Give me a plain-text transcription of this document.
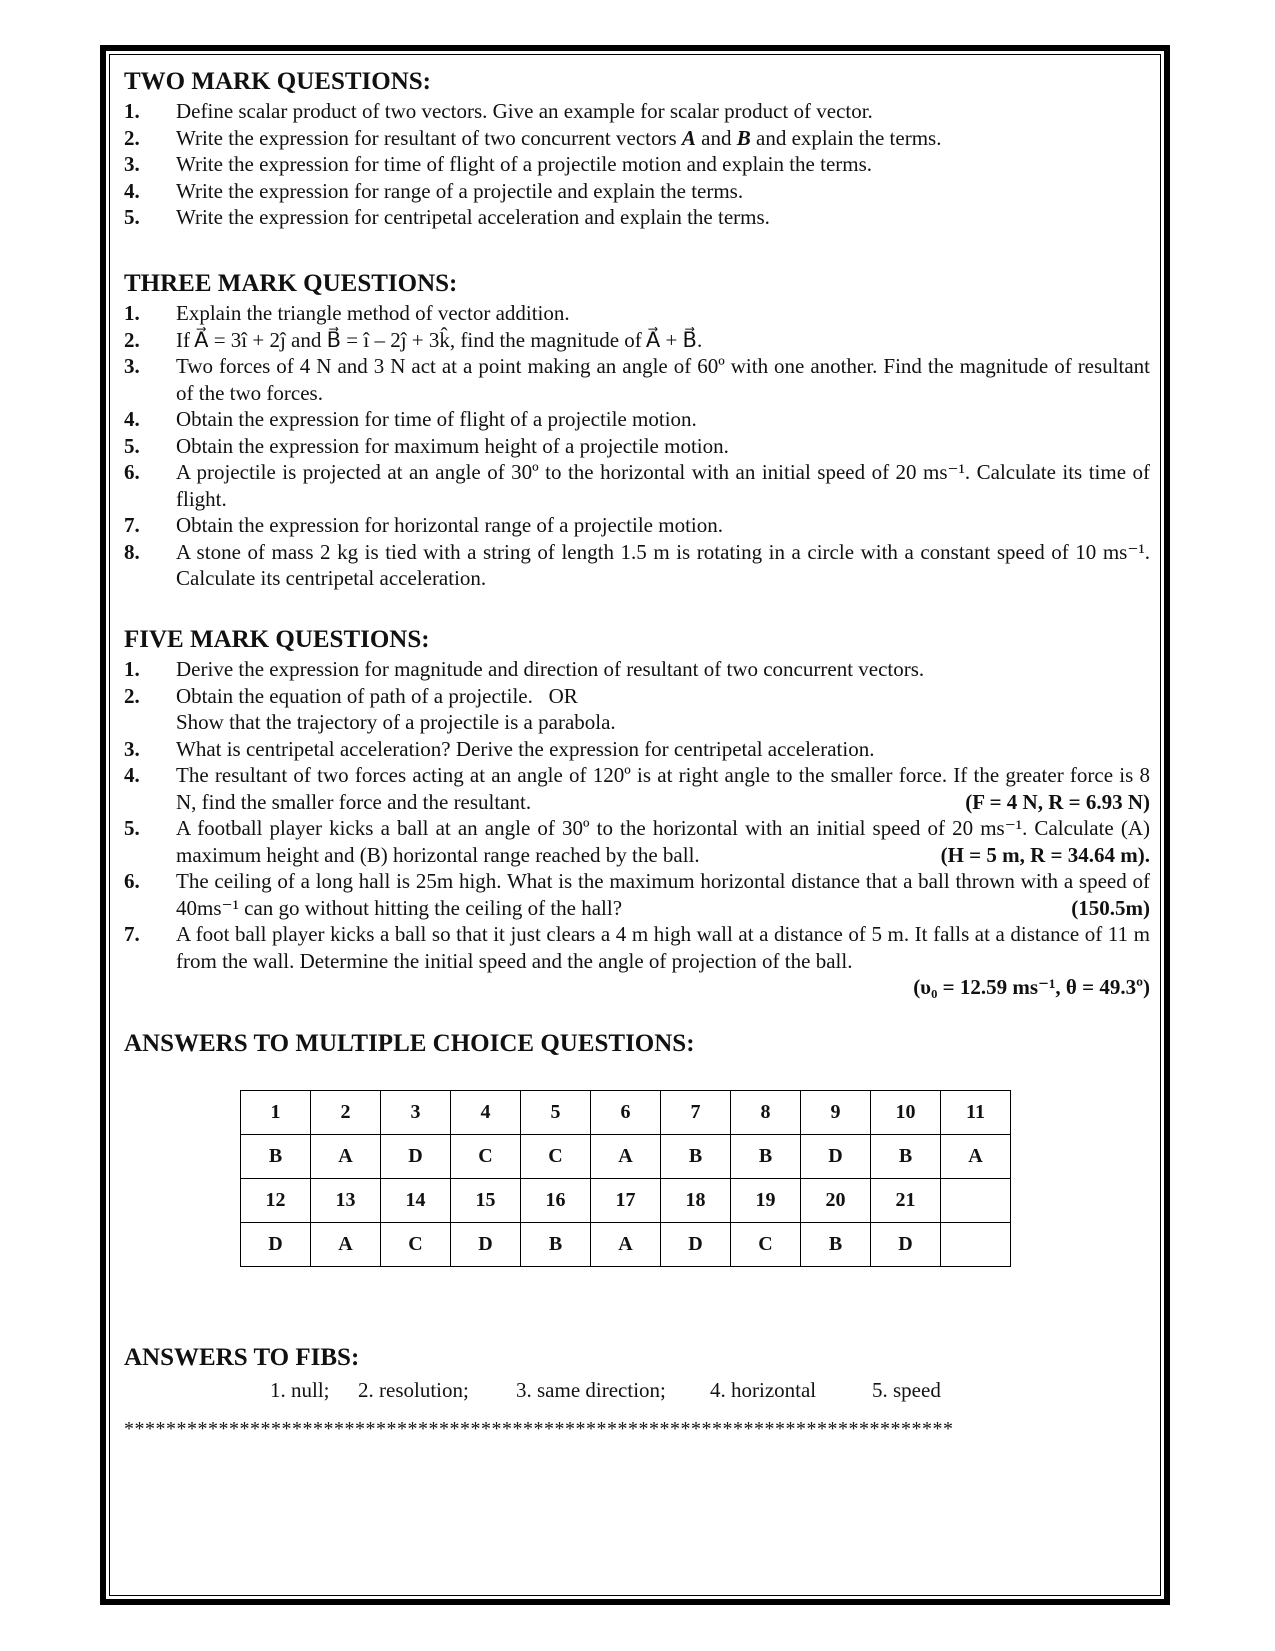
TWO MARK QUESTIONS:
1.	Define scalar product of two vectors. Give an example for scalar product of vector.
2.	Write the expression for resultant of two concurrent vectors A and B and explain the terms.
3.	Write the expression for time of flight of a projectile motion and explain the terms.
4.	Write the expression for range of a projectile and explain the terms.
5.	Write the expression for centripetal acceleration and explain the terms.
THREE MARK QUESTIONS:
1.	Explain the triangle method of vector addition.
2.	If A⃗ = 3î + 2ĵ and B⃗ = î – 2ĵ + 3k̂, find the magnitude of A⃗ + B⃗.
3.	Two forces of 4 N and 3 N act at a point making an angle of 60º with one another. Find the magnitude of resultant of the two forces.
4.	Obtain the expression for time of flight of a projectile motion.
5.	Obtain the expression for maximum height of a projectile motion.
6.	A projectile is projected at an angle of 30º to the horizontal with an initial speed of 20 ms⁻¹. Calculate its time of flight.
7.	Obtain the expression for horizontal range of a projectile motion.
8.	A stone of mass 2 kg is tied with a string of length 1.5 m is rotating in a circle with a constant speed of 10 ms⁻¹. Calculate its centripetal acceleration.
FIVE MARK QUESTIONS:
1.	Derive the expression for magnitude and direction of resultant of two concurrent vectors.
2.	Obtain the equation of path of a projectile.   OR
Show that the trajectory of a projectile is a parabola.
3.	What is centripetal acceleration? Derive the expression for centripetal acceleration.
4.	The resultant of two forces acting at an angle of 120º is at right angle to the smaller force. If the greater force is 8 N, find the smaller force and the resultant.	(F = 4 N, R = 6.93 N)
5.	A football player kicks a ball at an angle of 30º to the horizontal with an initial speed of 20 ms⁻¹. Calculate (A) maximum height and (B) horizontal range reached by the ball.	(H = 5 m, R = 34.64 m).
6.	The ceiling of a long hall is 25m high. What is the maximum horizontal distance that a ball thrown with a speed of 40ms⁻¹ can go without hitting the ceiling of the hall?	(150.5m)
7.	A foot ball player kicks a ball so that it just clears a 4 m high wall at a distance of 5 m. It falls at a distance of 11 m from the wall. Determine the initial speed and the angle of projection of the ball.
(υ₀ = 12.59 ms⁻¹, θ = 49.3º)
ANSWERS TO MULTIPLE CHOICE QUESTIONS:
1	2	3	4	5	6	7	8	9	10	11
B	A	D	C	C	A	B	B	D	B	A
12	13	14	15	16	17	18	19	20	21	
D	A	C	D	B	A	D	C	B	D	
ANSWERS TO FIBS:
1. null;	2. resolution;	3. same direction;	4. horizontal	5. speed
*******************************************************************************
